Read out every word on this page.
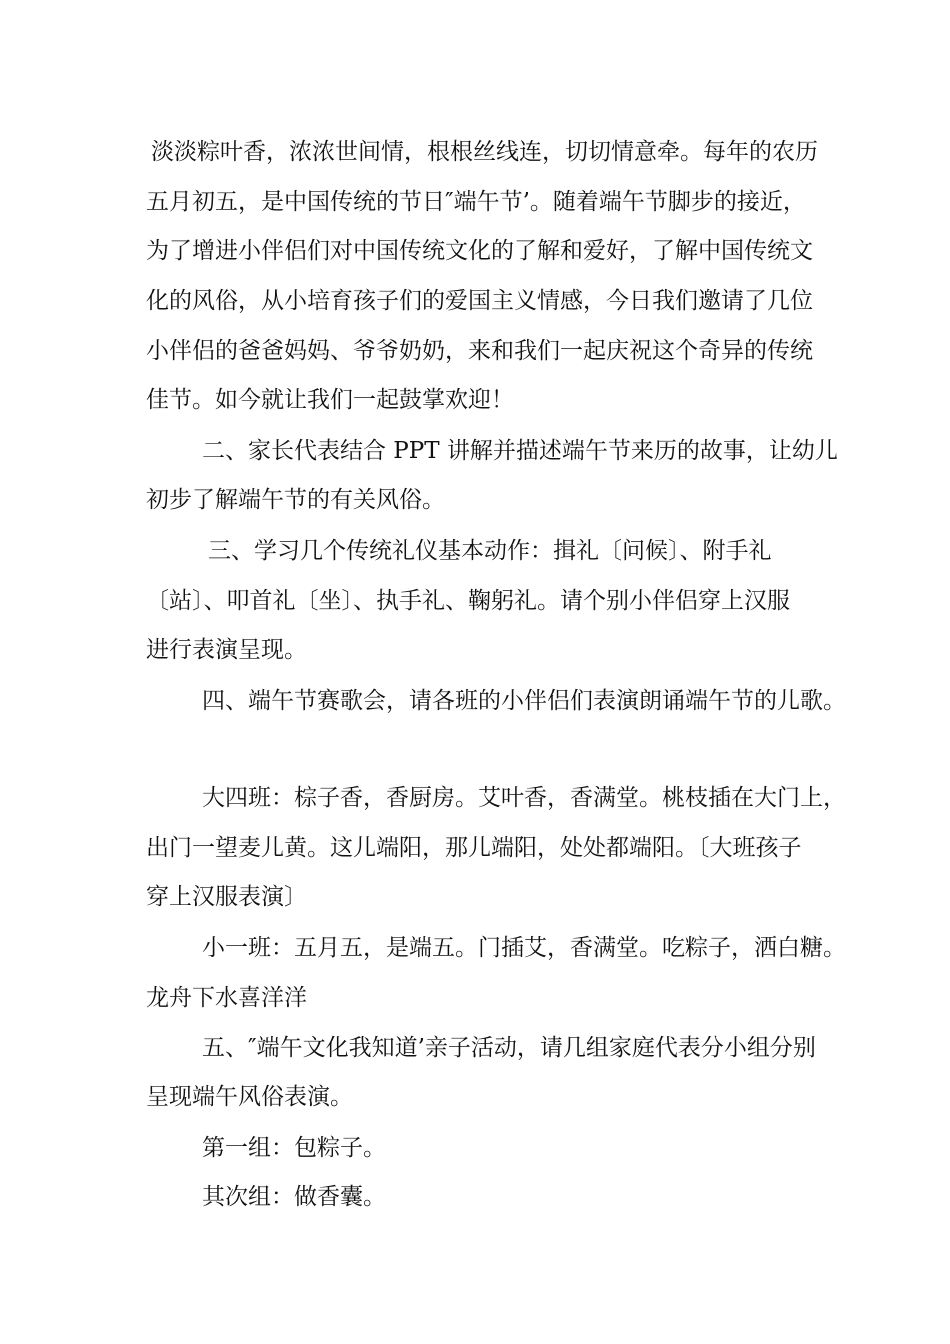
淡淡粽叶香，浓浓世间情，根根丝线连，切切情意牵。每年的农历
五月初五，是中国传统的节日″端午节’。随着端午节脚步的接近，
为了增进小伴侣们对中国传统文化的了解和爱好，了解中国传统文
化的风俗，从小培育孩子们的爱国主义情感，今日我们邀请了几位
小伴侣的爸爸妈妈、爷爷奶奶，来和我们一起庆祝这个奇异的传统
佳节。如今就让我们一起鼓掌欢迎！
二、家长代表结合 PPT 讲解并描述端午节来历的故事，让幼儿
初步了解端午节的有关风俗。
三、学习几个传统礼仪基本动作：揖礼〔问候〕、附手礼
〔站〕、叩首礼〔坐〕、执手礼、鞠躬礼。请个别小伴侣穿上汉服
进行表演呈现。
四、端午节赛歌会，请各班的小伴侣们表演朗诵端午节的儿歌。
大四班：棕子香，香厨房。艾叶香，香满堂。桃枝插在大门上，
出门一望麦儿黄。这儿端阳，那儿端阳，处处都端阳。〔大班孩子
穿上汉服表演〕
小一班：五月五，是端五。门插艾，香满堂。吃粽子，洒白糖。
龙舟下水喜洋洋
五、″端午文化我知道’亲子活动，请几组家庭代表分小组分别
呈现端午风俗表演。
第一组：包粽子。
其次组：做香囊。
